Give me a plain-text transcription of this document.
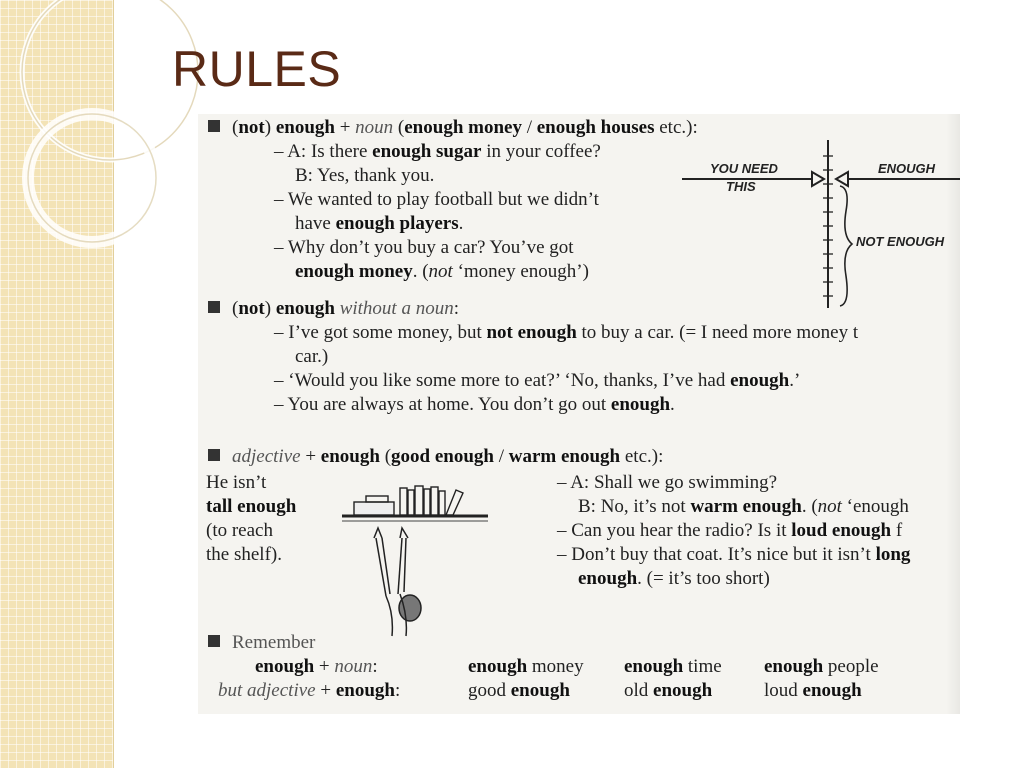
RULES
(not) enough + noun (enough money / enough houses etc.):
– A: Is there enough sugar in your coffee?
B: Yes, thank you.
– We wanted to play football but we didn’t
have enough players.
– Why don’t you buy a car? You’ve got
enough money. (not ‘money enough’)
YOU NEED
THIS
ENOUGH
NOT ENOUGH
(not) enough without a noun:
– I’ve got some money, but not enough to buy a car. (= I need more money t
car.)
– ‘Would you like some more to eat?’ ‘No, thanks, I’ve had enough.’
– You are always at home. You don’t go out enough.
adjective + enough (good enough / warm enough etc.):
He isn’t
tall enough
(to reach
the shelf).
– A: Shall we go swimming?
B: No, it’s not warm enough. (not ‘enough
– Can you hear the radio? Is it loud enough f
– Don’t buy that coat. It’s nice but it isn’t long
enough. (= it’s too short)
Remember
enough + noun:
but adjective + enough:
enough money enough time enough people
good enough	old enough	loud enough
